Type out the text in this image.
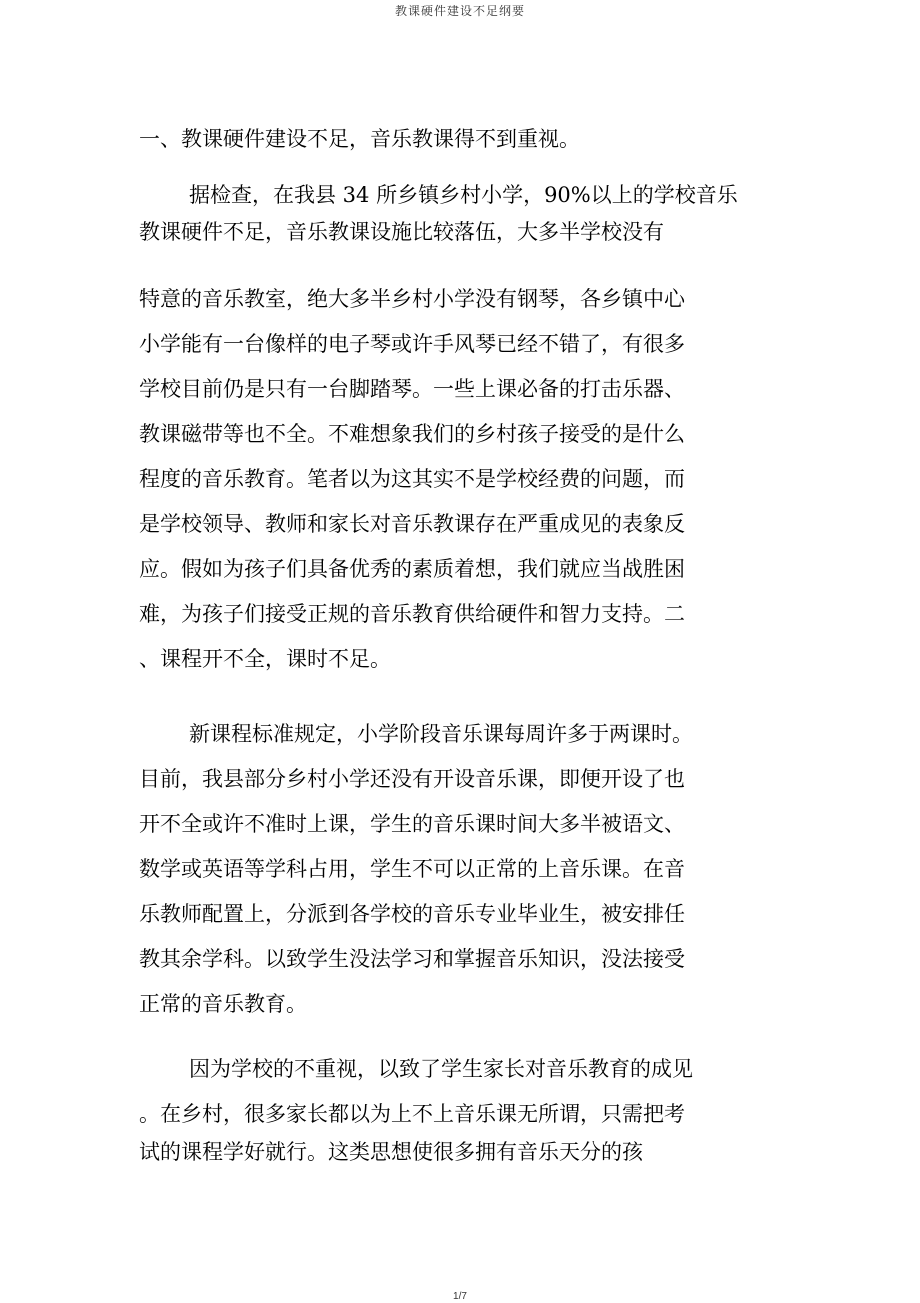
教课硬件建设不足纲要
一、教课硬件建设不足，音乐教课得不到重视。
据检查，在我县 34 所乡镇乡村小学，90%以上的学校音乐
教课硬件不足，音乐教课设施比较落伍，大多半学校没有
特意的音乐教室，绝大多半乡村小学没有钢琴，各乡镇中心
小学能有一台像样的电子琴或许手风琴已经不错了，有很多
学校目前仍是只有一台脚踏琴。一些上课必备的打击乐器、
教课磁带等也不全。不难想象我们的乡村孩子接受的是什么
程度的音乐教育。笔者以为这其实不是学校经费的问题，而
是学校领导、教师和家长对音乐教课存在严重成见的表象反
应。假如为孩子们具备优秀的素质着想，我们就应当战胜困
难，为孩子们接受正规的音乐教育供给硬件和智力支持。二
、课程开不全，课时不足。
新课程标准规定，小学阶段音乐课每周许多于两课时。
目前，我县部分乡村小学还没有开设音乐课，即便开设了也
开不全或许不准时上课，学生的音乐课时间大多半被语文、
数学或英语等学科占用，学生不可以正常的上音乐课。在音
乐教师配置上，分派到各学校的音乐专业毕业生，被安排任
教其余学科。以致学生没法学习和掌握音乐知识，没法接受
正常的音乐教育。
因为学校的不重视，以致了学生家长对音乐教育的成见
。在乡村，很多家长都以为上不上音乐课无所谓，只需把考
试的课程学好就行。这类思想使很多拥有音乐天分的孩
1/7
